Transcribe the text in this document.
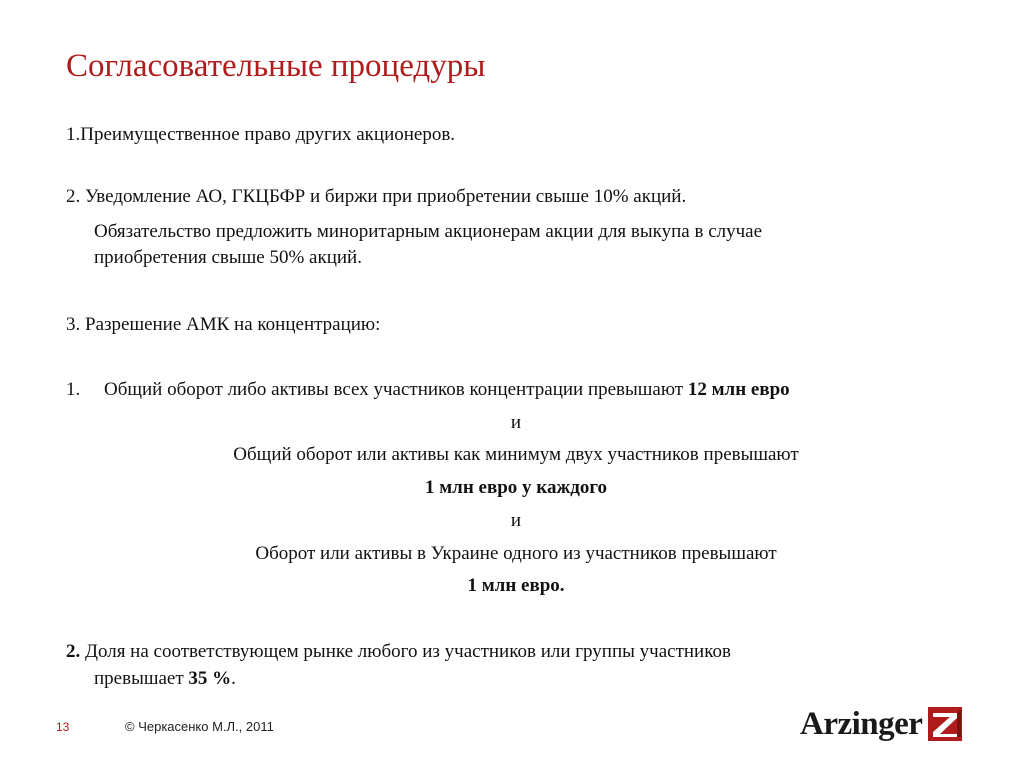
Согласовательные процедуры
1.Преимущественное право других акционеров.
2. Уведомление АО, ГКЦБФР и биржи при приобретении свыше 10% акций.
Обязательство предложить миноритарным акционерам акции для выкупа в случае
приобретения свыше 50% акций.
3. Разрешение АМК на концентрацию:
1. Общий оборот либо активы всех участников концентрации превышают 12 млн евро
и
Общий оборот или активы как минимум двух участников превышают
1 млн евро у каждого
и
Оборот или активы в Украине одного из участников превышают
1 млн евро.
2. Доля на соответствующем рынке любого из участников или группы участников
превышает 35 %.
13	© Черкасенко М.Л., 2011	Arzinger
